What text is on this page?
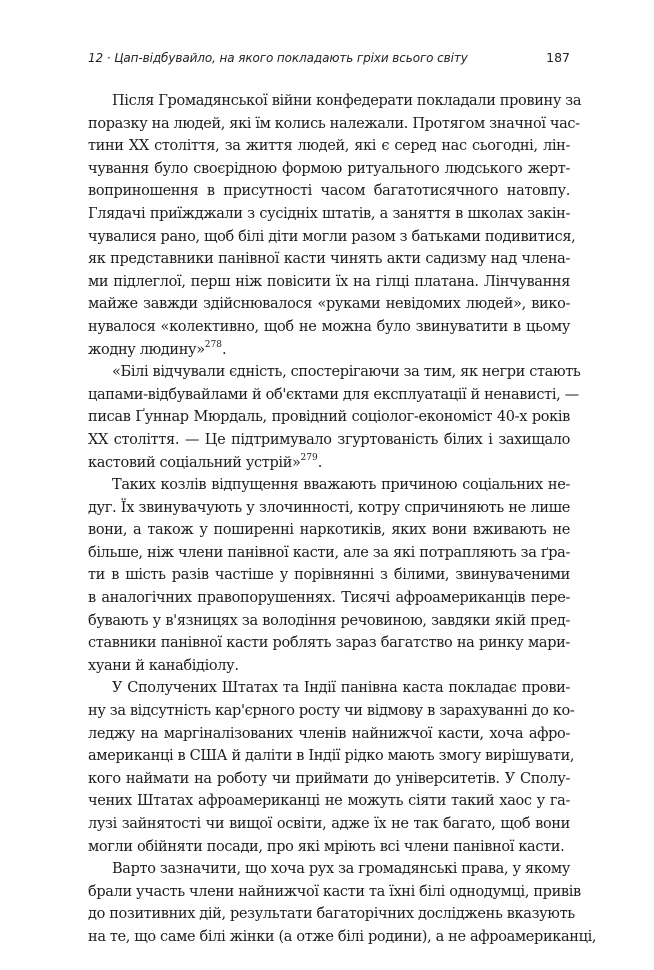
12 · Цап-відбувайло, на якого покладають гріхи всього світу	187
Після Громадянської війни конфедерати покладали провину за
поразку на людей, які їм колись належали. Протягом значної час-
тини XX століття, за життя людей, які є серед нас сьогодні, лін-
чування було своєрідною формою ритуального людського жерт-
вопринoшення в присутності часом багатотисячного натовпу.
Глядачі приїжджали з сусідніх штатів, а заняття в школах закін-
чувалися рано, щоб білі діти могли разом з батьками подивитися,
як представники панівної касти чинять акти садизму над члена-
ми підлеглої, перш ніж повісити їх на гілці платана. Лінчування
майже завжди здійснювалося «руками невідомих людей», вико-
нувалося «колективно, щоб не можна було звинуватити в цьому
жодну людину»$^{278}$.
«Білі відчували єдність, спостерігаючи за тим, як негри стають
цапами-відбувайлами й об'єктами для експлуатації й ненависті, —
писав Ґуннар Мюрдаль, провідний соціолог-економіст 40-х років
XX століття. — Це підтримувало згуртованість білих і захищало
кастовий соціальний устрій»$^{279}$.
Таких козлів відпущення вважають причиною соціальних не-
дуг. Їх звинувачують у злочинності, котру спричиняють не лише
вони, а також у поширенні наркотиків, яких вони вживають не
більше, ніж члени панівної касти, але за які потрапляють за ґра-
ти в шість разів частіше у порівнянні з білими, звинуваченими
в аналогічних правопорушеннях. Тисячі афроамериканців пере-
бувають у в'язницях за володіння речовиною, завдяки якій пред-
ставники панівної касти роблять зараз багатство на ринку мари-
хуани й канабідіолу.
У Сполучених Штатах та Індії панівна каста покладає прови-
ну за відсутність кар'єрного росту чи відмову в зарахуванні до ко-
леджу на маргіналізованих членів найнижчої касти, хоча афро-
американці в США й даліти в Індії рідко мають змогу вирішувати,
кого наймати на роботу чи приймати до університетів. У Сполу-
чених Штатах афроамериканці не можуть сіяти такий хаос у га-
лузі зайнятості чи вищої освіти, адже їх не так багато, щоб вони
могли обійняти посади, про які мріють всі члени панівної касти.
Варто зазначити, що хоча рух за громадянські права, у якому
брали участь члени найнижчої касти та їхні білі однодумці, привів
до позитивних дій, результати багаторічних досліджень вказують
на те, що саме білі жінки (а отже білі родини), а не афроамериканці,
